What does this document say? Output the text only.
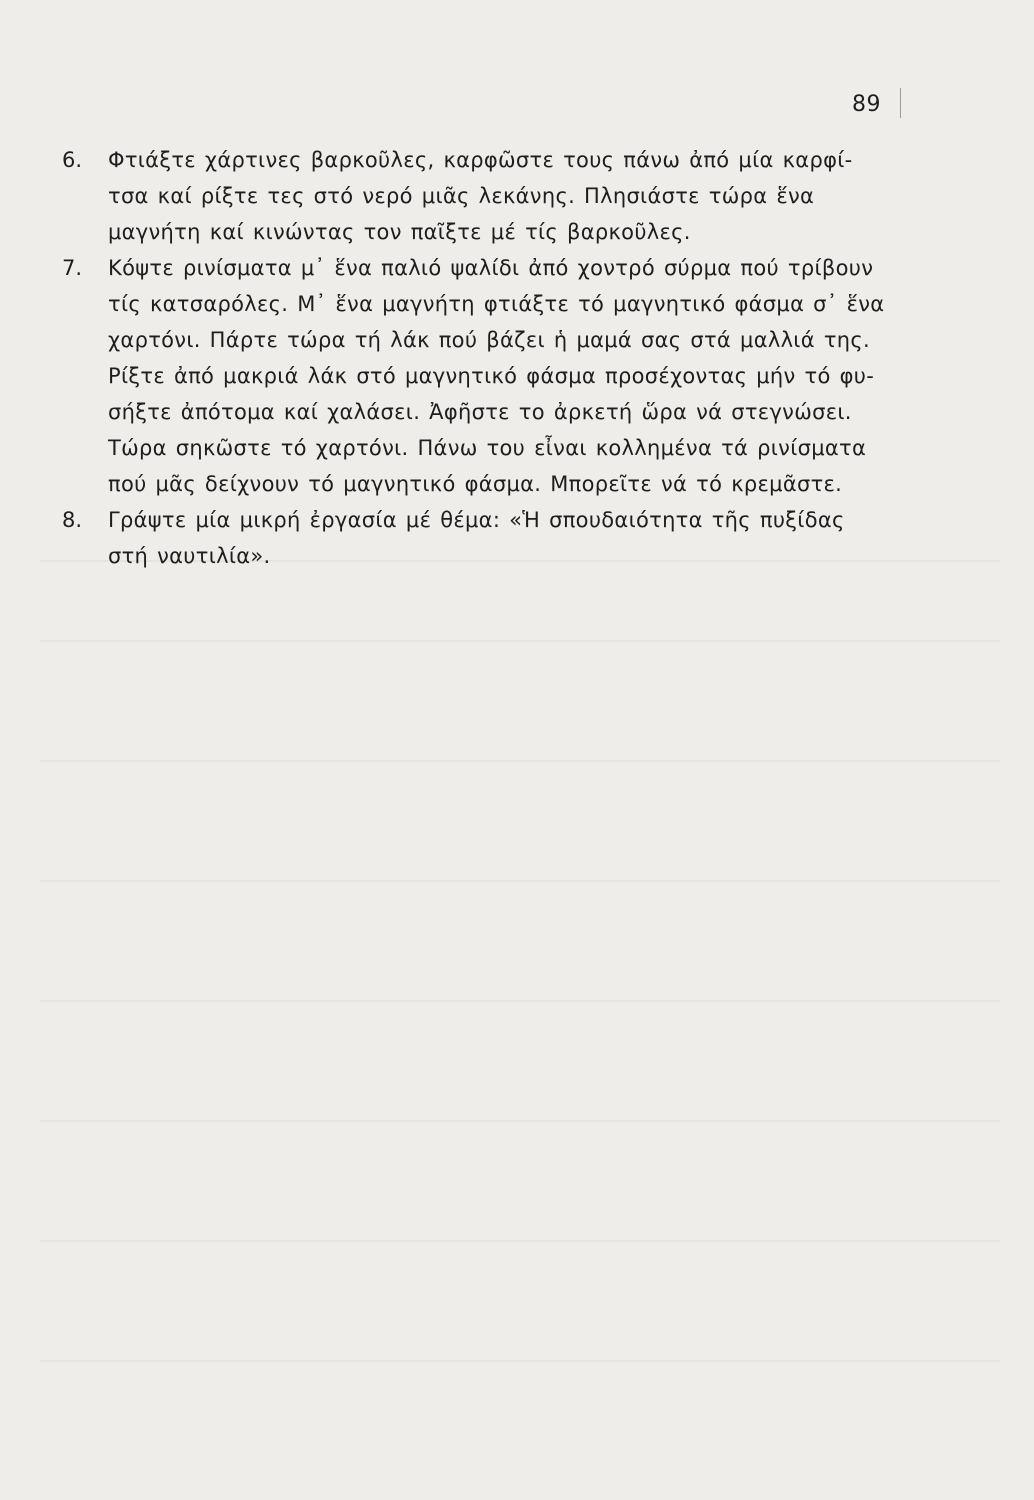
89
6. Φτιάξτε χάρτινες βαρκοῦλες, καρφῶστε τους πάνω ἀπό μία καρφί-
τσα καί ρίξτε τες στό νερό μιᾶς λεκάνης. Πλησιάστε τώρα ἕνα
μαγνήτη καί κινώντας τον παῖξτε μέ τίς βαρκοῦλες.

7. Κόψτε ρινίσματα μ᾿ ἕνα παλιό ψαλίδι ἀπό χοντρό σύρμα πού τρίβουν
τίς κατσαρόλες. Μ᾿ ἕνα μαγνήτη φτιάξτε τό μαγνητικό φάσμα σ᾿ ἕνα
χαρτόνι. Πάρτε τώρα τή λάκ πού βάζει ἡ μαμά σας στά μαλλιά της.
Ρίξτε ἀπό μακριά λάκ στό μαγνητικό φάσμα προσέχοντας μήν τό φυ-
σήξτε ἀπότομα καί χαλάσει. Ἀφῆστε το ἀρκετή ὥρα νά στεγνώσει.
Τώρα σηκῶστε τό χαρτόνι. Πάνω του εἶναι κολλημένα τά ρινίσματα
πού μᾶς δείχνουν τό μαγνητικό φάσμα. Μπορεῖτε νά τό κρεμᾶστε.

8. Γράψτε μία μικρή ἐργασία μέ θέμα: «Ἡ σπουδαιότητα τῆς πυξίδας
στή ναυτιλία».
